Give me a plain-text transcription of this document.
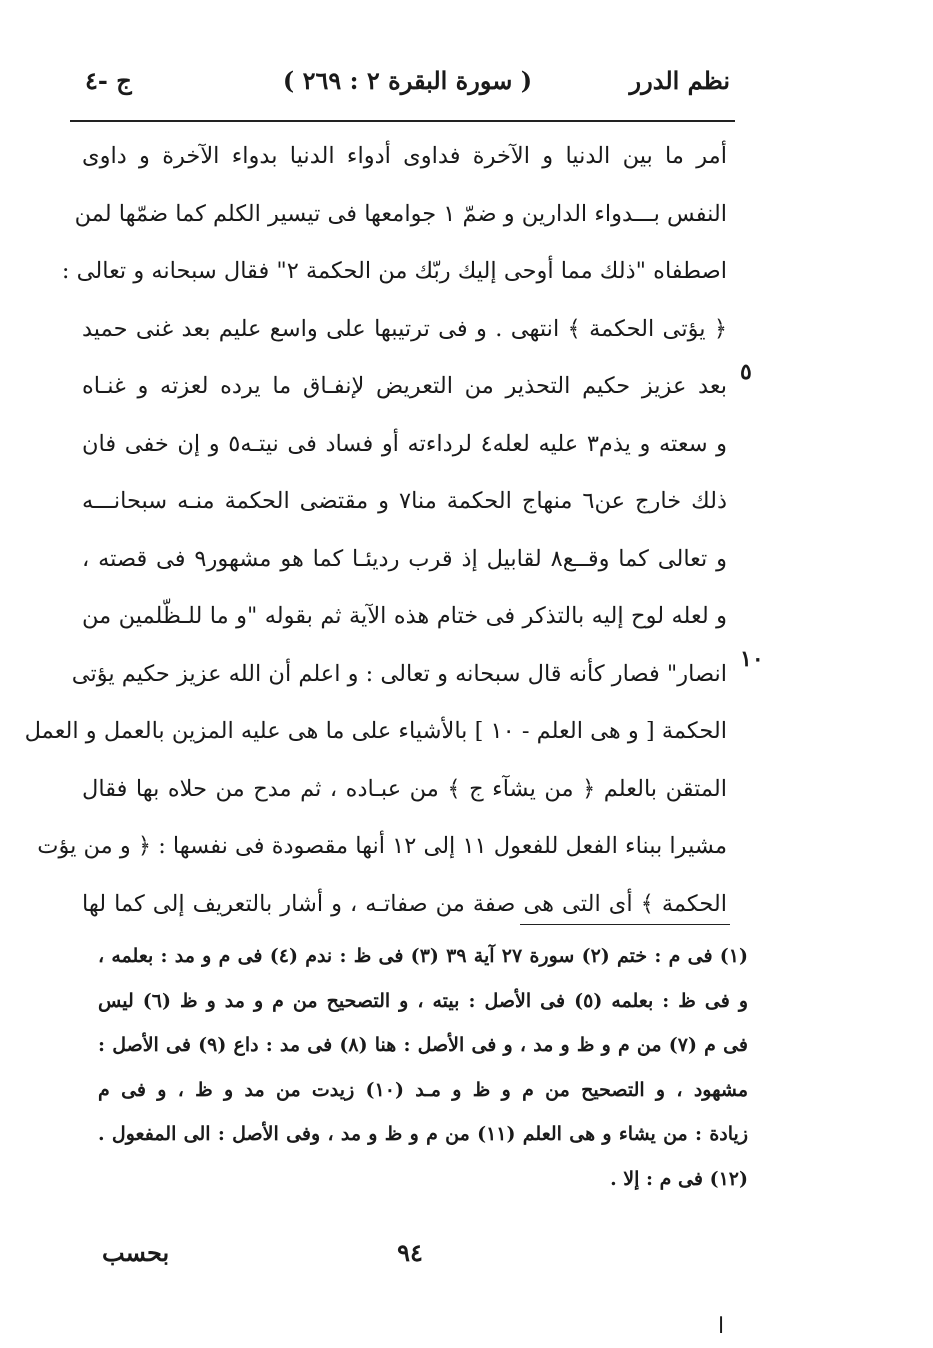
نظم الدرر
( سورة البقرة ٢ : ٢٦٩ )
ج -٤
أمر ما بين الدنيا و الآخرة فداوى أدواء الدنيا بدواء الآخرة و داوى
النفس بـــدواء الدارين و ضمّ ١ جوامعها فى تيسير الكلم كما ضمّها لمن
اصطفاه "ذلك مما أوحى إليك ربّك من الحكمة ٢" فقال سبحانه و تعالى :
﴿ يؤتى الحكمة ﴾ انتهى . و فى ترتيبها على واسع عليم بعد غنى حميد
بعد عزيز حكيم التحذير من التعريض لإنفـاق ما يرده لعزته و غنـاه
و سعته و يذم٣ عليه لعله٤ لرداءته أو فساد فى نيتـه٥ و إن خفى فان
ذلك خارج عن٦ منهاج الحكمة منا٧ و مقتضى الحكمة منـه سبحانـــه
و تعالى كما وقــع٨ لقابيل إذ قرب رديئـا كما هو مشهور٩ فى قصته ،
و لعله لوح إليه بالتذكر فى ختام هذه الآية ثم بقوله "و ما للـظّلمين من
انصار" فصار كأنه قال سبحانه و تعالى : و اعلم أن الله عزيز حكيم يؤتى
الحكمة [ و هى العلم - ١٠ ] بالأشياء على ما هى عليه المزين بالعمل و العمل
المتقن بالعلم ﴿ من يشآء ج ﴾ من عبـاده ، ثم مدح من حلاه بها فقال
مشيرا ببناء الفعل للفعول ١١ إلى ١٢ أنها مقصودة فى نفسها : ﴿ و من يؤت
الحكمة ﴾ أى التى هى صفة من صفاتـه ، و أشار بالتعريف إلى كما لها
٥
١٠
(١) فى م : ختم (٢) سورة ٢٧ آية ٣٩ (٣) فى ظ : ندم (٤) فى م و مد : بعلمه ،
و فى ظ : بعلمه (٥) فى الأصل : بيته ، و التصحيح من م و مد و ظ (٦) ليس
فى م (٧) من م و ظ و مد ، و فى الأصل : هنا (٨) فى مد : داع (٩) فى الأصل :
مشهود ، و التصحيح من م و ظ و مـد (١٠) زيدت من مد و ظ ، و فى م
زيادة : من يشاء و هى العلم (١١) من م و ظ و مد ، وفى الأصل : الى المفعول .
(١٢) فى م : إلا .
٩٤
بحسب
ا
